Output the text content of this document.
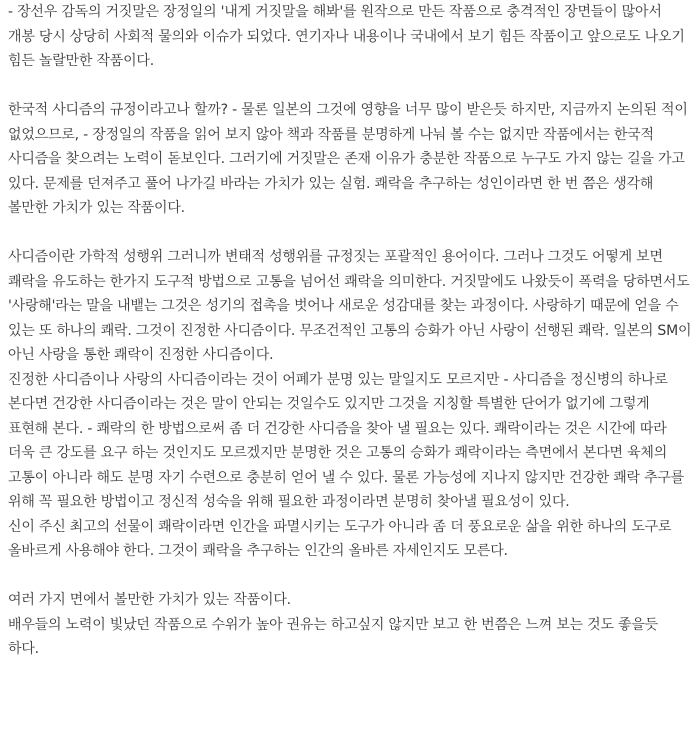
- 장선우 감독의 거짓말은 장정일의 '내게 거짓말을 해봐'를 원작으로 만든 작품으로 충격적인 장면들이 많아서 개봉 당시 상당히 사회적 물의와 이슈가 되었다. 연기자나 내용이나 국내에서 보기 힘든 작품이고 앞으로도 나오기 힘든 놀랄만한 작품이다.

한국적 사디즘의 규정이라고나 할까? - 물론 일본의 그것에 영향을 너무 많이 받은듯 하지만, 지금까지 논의된 적이 없었으므로, - 장정일의 작품을 읽어 보지 않아 책과 작품를 분명하게 나눠 볼 수는 없지만 작품에서는 한국적 사디즘을 찾으려는 노력이 돋보인다. 그러기에 거짓말은 존재 이유가 충분한 작품으로 누구도 가지 않는 길을 가고 있다. 문제를 던져주고 풀어 나가길 바라는 가치가 있는 실험. 쾌락을 추구하는 성인이라면 한 번 쯤은 생각해 볼만한 가치가 있는 작품이다.

사디즘이란 가학적 성행위 그러니까 변태적 성행위를 규정짓는 포괄적인 용어이다. 그러나 그것도 어떻게 보면 쾌락을 유도하는 한가지 도구적 방법으로 고통을 넘어선 쾌락을 의미한다. 거짓말에도 나왔듯이 폭력을 당하면서도 '사랑해'라는 말을 내뱉는 그것은 성기의 접촉을 벗어나 새로운 성감대를 찾는 과정이다. 사랑하기 때문에 얻을 수 있는 또 하나의 쾌락. 그것이 진정한 사디즘이다. 무조건적인 고통의 승화가 아닌 사랑이 선행된 쾌락. 일본의 SM이 아닌 사랑을 통한 쾌락이 진정한 사디즘이다.
진정한 사디즘이나 사랑의 사디즘이라는 것이 어폐가 분명 있는 말일지도 모르지만 - 사디즘을 정신병의 하나로 본다면 건강한 사디즘이라는 것은 말이 안되는 것일수도 있지만 그것을 지칭할 특별한 단어가 없기에 그렇게 표현해 본다. - 쾌락의 한 방법으로써 좀 더 건강한 사디즘을 찾아 낼 필요는 있다. 쾌락이라는 것은 시간에 따라 더욱 큰 강도를 요구 하는 것인지도 모르겠지만 분명한 것은 고통의 승화가 쾌락이라는 측면에서 본다면 육체의 고통이 아니라 해도 분명 자기 수련으로 충분히 얻어 낼 수 있다. 물론 가능성에 지나지 않지만 건강한 쾌락 추구를 위해 꼭 필요한 방법이고 정신적 성숙을 위해 필요한 과정이라면 분명히 찾아낼 필요성이 있다.
신이 주신 최고의 선물이 쾌락이라면 인간을 파멸시키는 도구가 아니라 좀 더 풍요로운 삶을 위한 하나의 도구로 올바르게 사용해야 한다. 그것이 쾌락을 추구하는 인간의 올바른 자세인지도 모른다.

여러 가지 면에서 볼만한 가치가 있는 작품이다.
배우들의 노력이 빛났던 작품으로 수위가 높아 권유는 하고싶지 않지만 보고 한 번쯤은 느껴 보는 것도 좋을듯 하다.
